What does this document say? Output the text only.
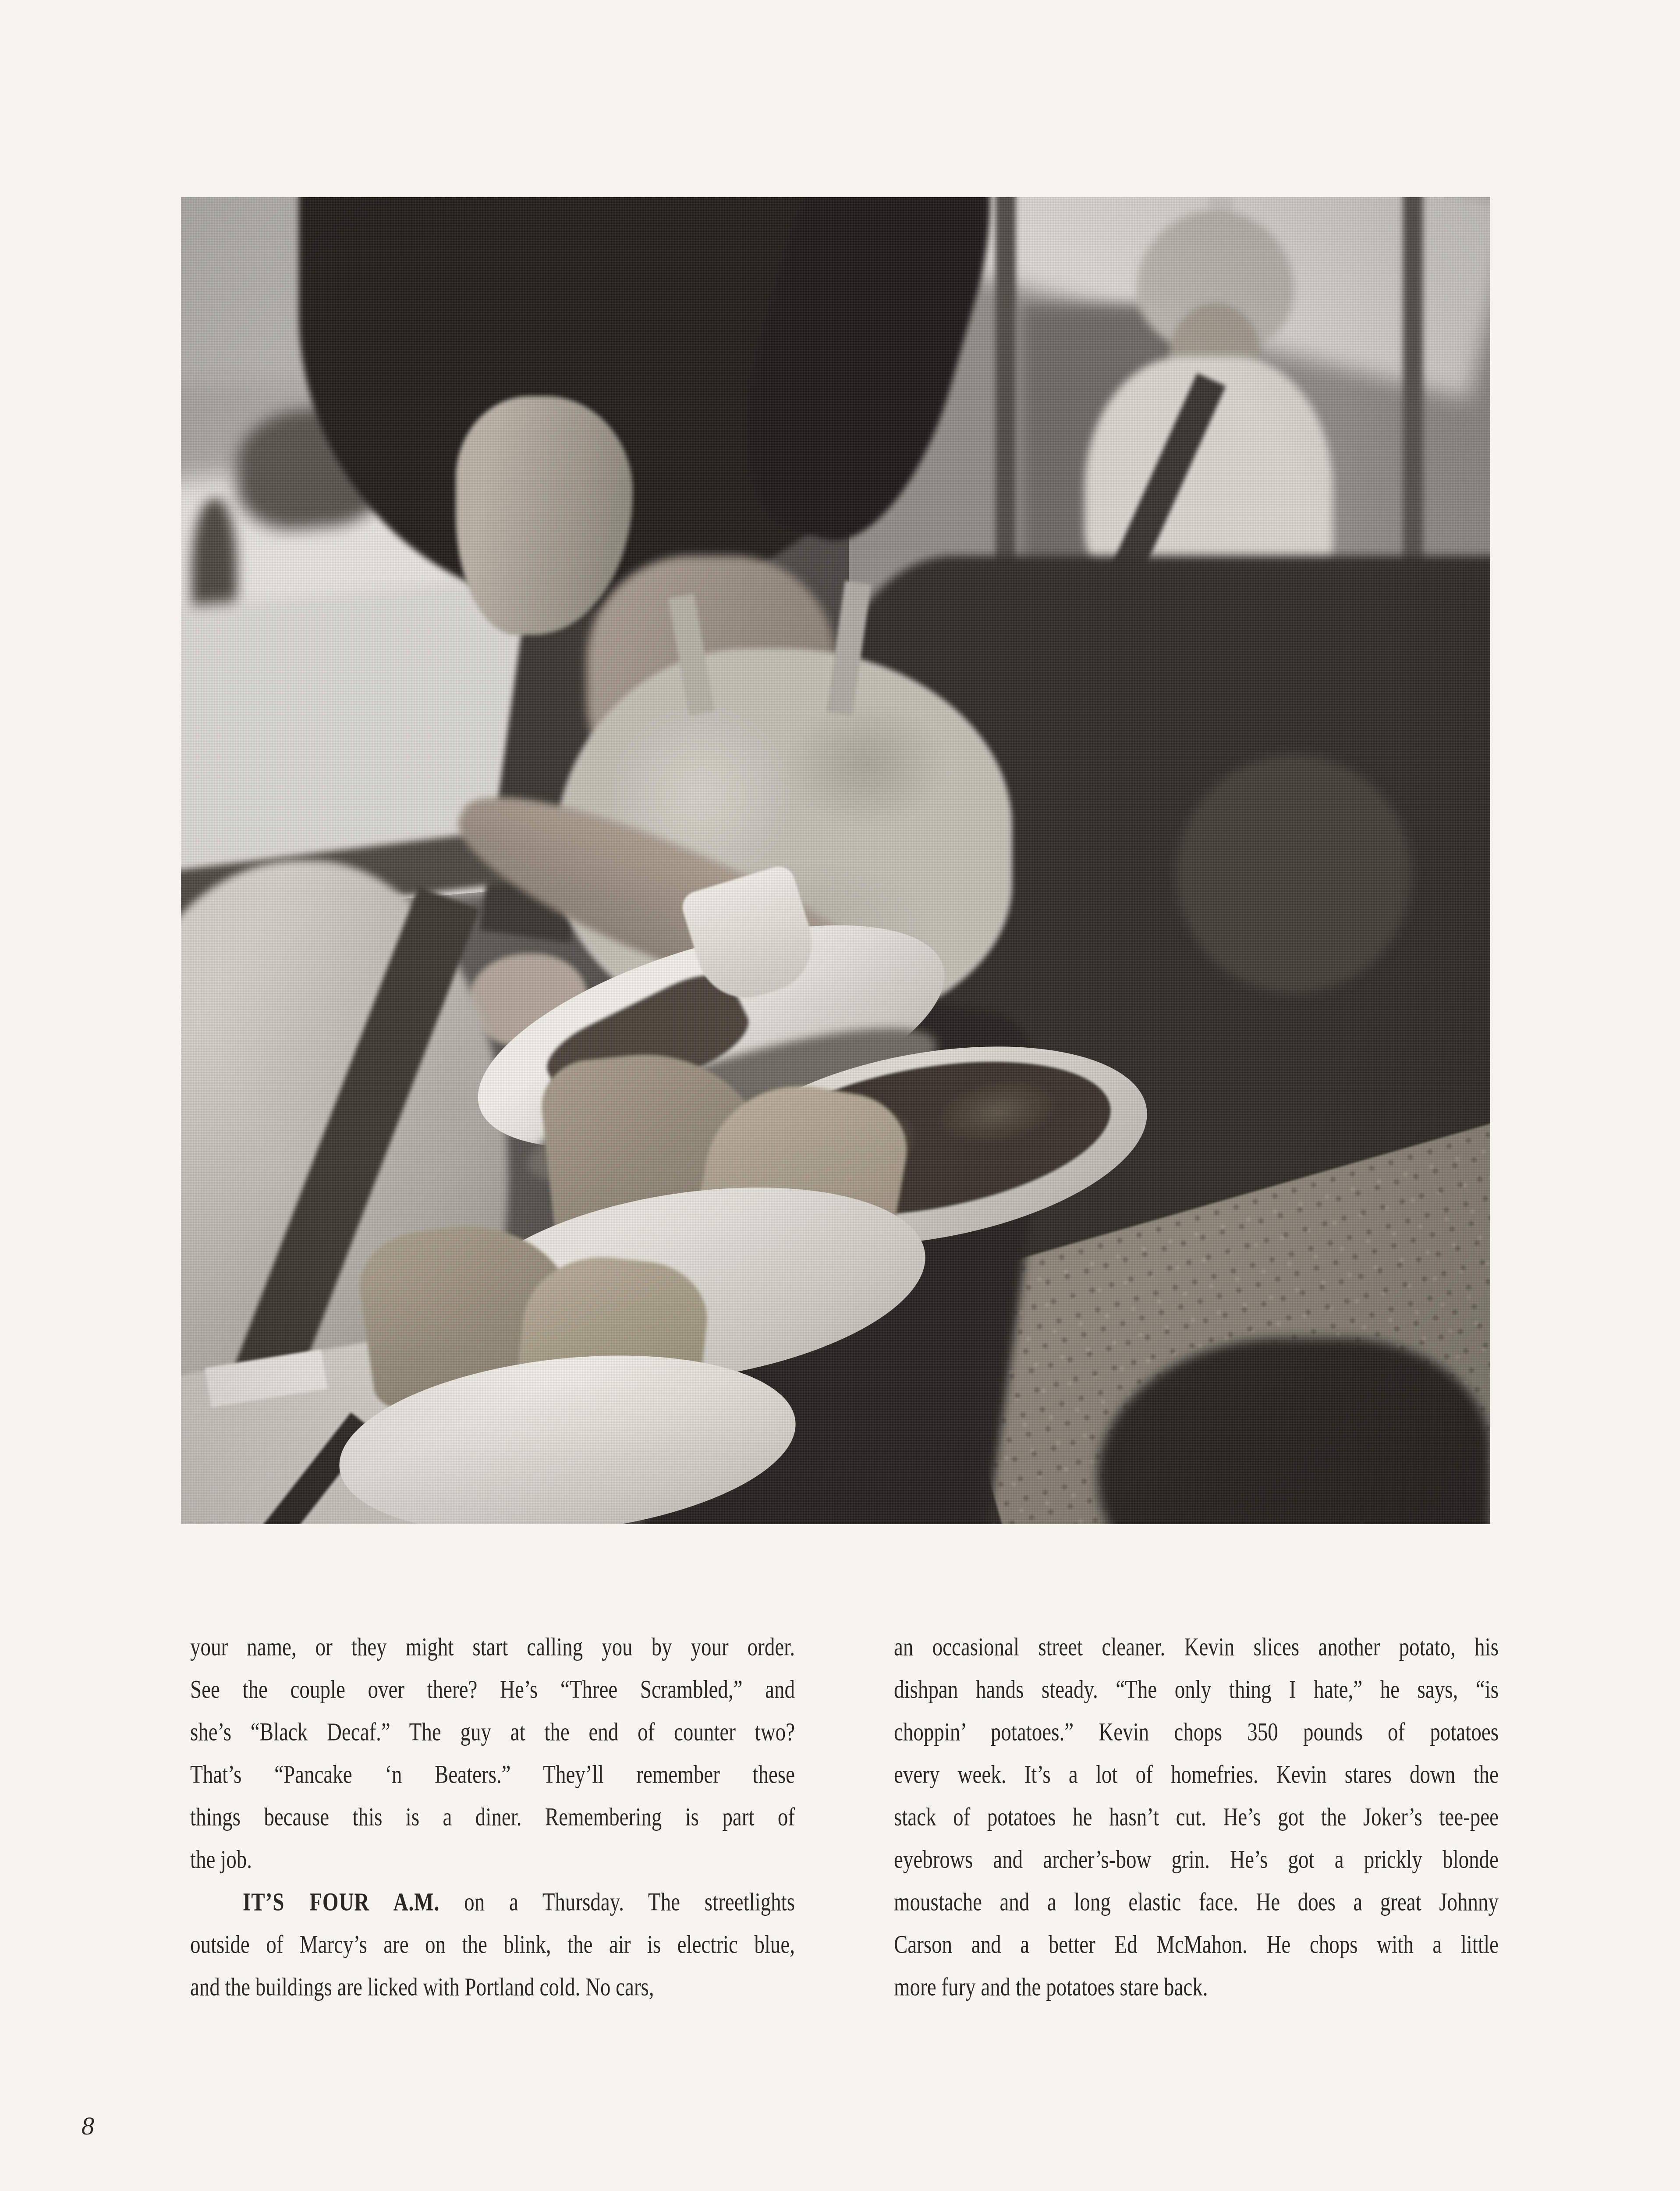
your name, or they might start calling you by your order.
See the couple over there? He’s “Three Scrambled,” and
she’s “Black Decaf.” The guy at the end of counter two?
That’s “Pancake ‘n Beaters.” They’ll remember these
things because this is a diner. Remembering is part of
the job.
IT’S FOUR A.M. on a Thursday. The streetlights
outside of Marcy’s are on the blink, the air is electric blue,
and the buildings are licked with Portland cold. No cars,
an occasional street cleaner. Kevin slices another potato, his
dishpan hands steady. “The only thing I hate,” he says, “is
choppin’ potatoes.” Kevin chops 350 pounds of potatoes
every week. It’s a lot of homefries. Kevin stares down the
stack of potatoes he hasn’t cut. He’s got the Joker’s tee-pee
eyebrows and archer’s-bow grin. He’s got a prickly blonde
moustache and a long elastic face. He does a great Johnny
Carson and a better Ed McMahon. He chops with a little
more fury and the potatoes stare back.
8
